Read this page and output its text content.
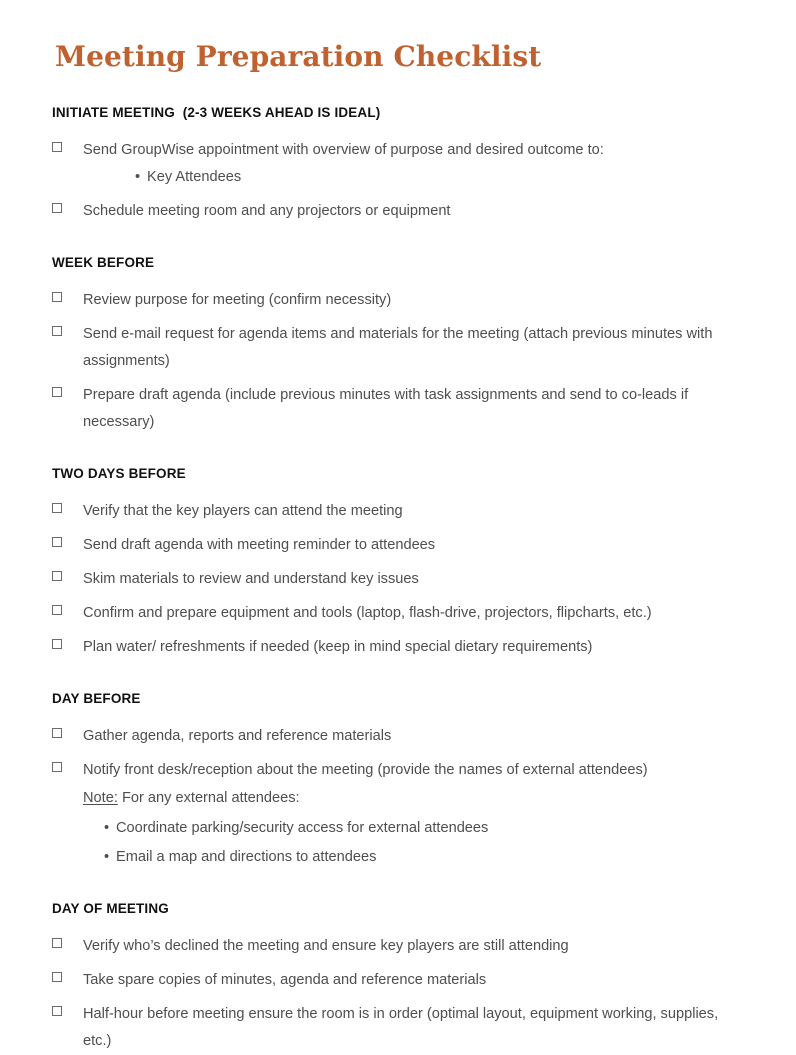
Meeting Preparation Checklist
INITIATE MEETING  (2-3 WEEKS AHEAD IS IDEAL)
Send GroupWise appointment with overview of purpose and desired outcome to:
• Key Attendees
Schedule meeting room and any projectors or equipment
WEEK BEFORE
Review purpose for meeting (confirm necessity)
Send e-mail request for agenda items and materials for the meeting (attach previous minutes with assignments)
Prepare draft agenda (include previous minutes with task assignments and send to co-leads if necessary)
TWO DAYS BEFORE
Verify that the key players can attend the meeting
Send draft agenda with meeting reminder to attendees
Skim materials to review and understand key issues
Confirm and prepare equipment and tools (laptop, flash-drive, projectors, flipcharts, etc.)
Plan water/ refreshments if needed (keep in mind special dietary requirements)
DAY BEFORE
Gather agenda, reports and reference materials
Notify front desk/reception about the meeting (provide the names of external attendees)

Note: For any external attendees:

• Coordinate parking/security access for external attendees
• Email a map and directions to attendees
DAY OF MEETING
Verify who’s declined the meeting and ensure key players are still attending
Take spare copies of minutes, agenda and reference materials
Half-hour before meeting ensure the room is in order (optimal layout, equipment working, supplies, etc.)
